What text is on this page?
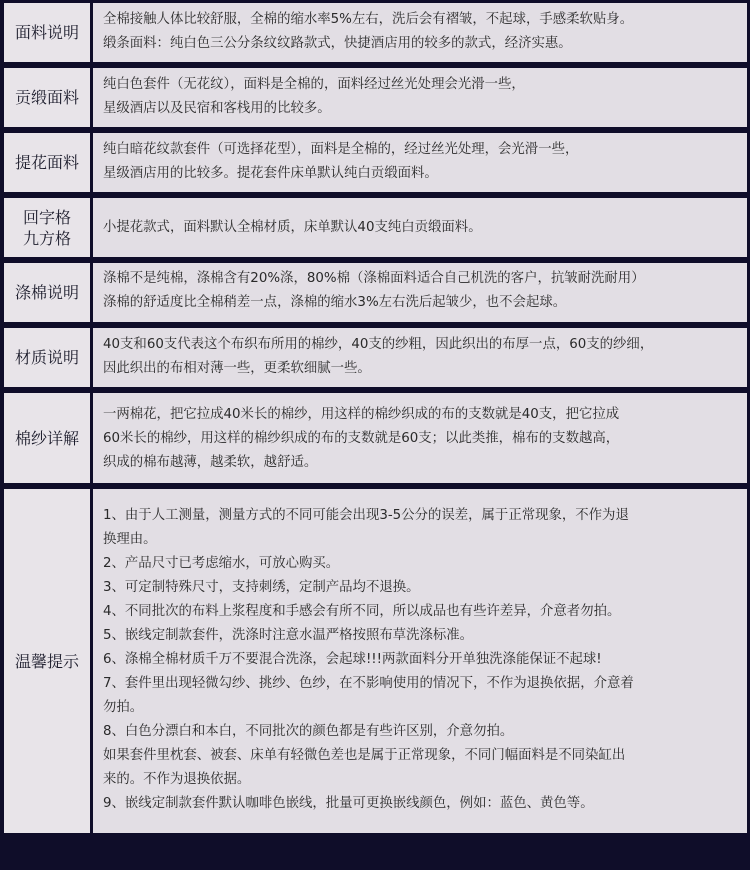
面料说明
全棉接触人体比较舒服，全棉的缩水率5%左右，洗后会有褶皱，不起球，手感柔软贴身。
缎条面料：纯白色三公分条纹纹路款式，快捷酒店用的较多的款式，经济实惠。
贡缎面料
纯白色套件（无花纹），面料是全棉的，面料经过丝光处理会光滑一些，
星级酒店以及民宿和客栈用的比较多。
提花面料
纯白暗花纹款套件（可选择花型），面料是全棉的，经过丝光处理，会光滑一些，
星级酒店用的比较多。提花套件床单默认纯白贡缎面料。
回字格
九方格
小提花款式，面料默认全棉材质，床单默认40支纯白贡缎面料。
涤棉说明
涤棉不是纯棉，涤棉含有20%涤，80%棉（涤棉面料适合自己机洗的客户，抗皱耐洗耐用）
涤棉的舒适度比全棉稍差一点，涤棉的缩水3%左右洗后起皱少，也不会起球。
材质说明
40支和60支代表这个布织布所用的棉纱，40支的纱粗，因此织出的布厚一点，60支的纱细，
因此织出的布相对薄一些，更柔软细腻一些。
棉纱详解
一两棉花，把它拉成40米长的棉纱，用这样的棉纱织成的布的支数就是40支，把它拉成
60米长的棉纱，用这样的棉纱织成的布的支数就是60支；以此类推，棉布的支数越高，
织成的棉布越薄，越柔软，越舒适。
温馨提示
1、由于人工测量，测量方式的不同可能会出现3-5公分的误差，属于正常现象，不作为退
换理由。
2、产品尺寸已考虑缩水，可放心购买。
3、可定制特殊尺寸，支持刺绣，定制产品均不退换。
4、不同批次的布料上浆程度和手感会有所不同，所以成品也有些许差异，介意者勿拍。
5、嵌线定制款套件，洗涤时注意水温严格按照布草洗涤标准。
6、涤棉全棉材质千万不要混合洗涤，会起球!!!两款面料分开单独洗涤能保证不起球!
7、套件里出现轻微勾纱、挑纱、色纱，在不影响使用的情况下，不作为退换依据，介意着
勿拍。
8、白色分漂白和本白，不同批次的颜色都是有些许区别，介意勿拍。
如果套件里枕套、被套、床单有轻微色差也是属于正常现象，不同门幅面料是不同染缸出
来的。不作为退换依据。
9、嵌线定制款套件默认咖啡色嵌线，批量可更换嵌线颜色，例如：蓝色、黄色等。
